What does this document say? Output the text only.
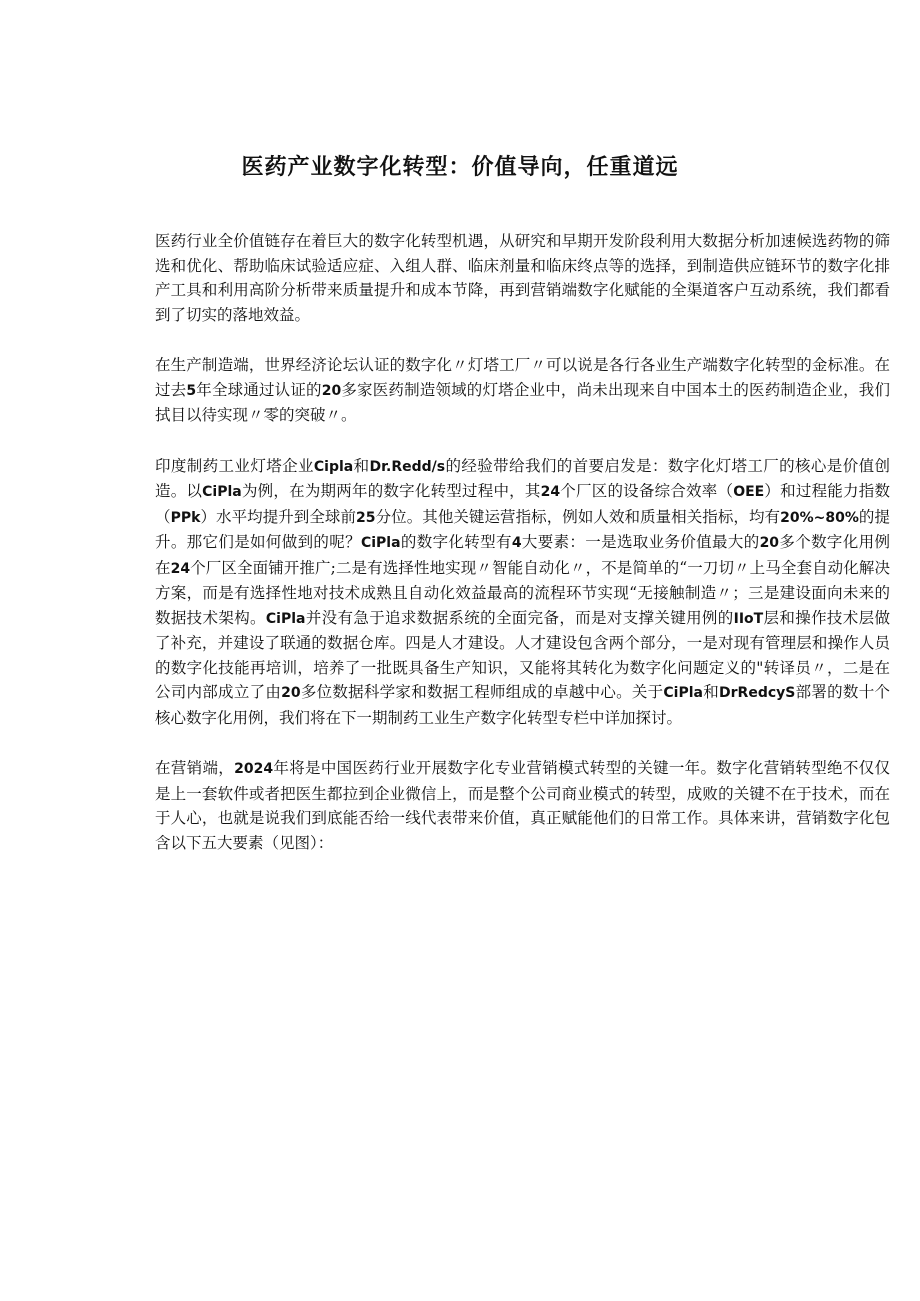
医药产业数字化转型：价值导向，任重道远

医药行业全价值链存在着巨大的数字化转型机遇，从研究和早期开发阶段利用大数据分析加速候选药物的筛选和优化、帮助临床试验适应症、入组人群、临床剂量和临床终点等的选择，到制造供应链环节的数字化排产工具和利用高阶分析带来质量提升和成本节降，再到营销端数字化赋能的全渠道客户互动系统，我们都看到了切实的落地效益。

在生产制造端，世界经济论坛认证的数字化〃灯塔工厂〃可以说是各行各业生产端数字化转型的金标准。在过去5年全球通过认证的20多家医药制造领域的灯塔企业中，尚未出现来自中国本土的医药制造企业，我们拭目以待实现〃零的突破〃。

印度制药工业灯塔企业Cipla和Dr.Redd/s的经验带给我们的首要启发是：数字化灯塔工厂的核心是价值创造。以CiPla为例，在为期两年的数字化转型过程中，其24个厂区的设备综合效率（OEE）和过程能力指数（PPk）水平均提升到全球前25分位。其他关键运营指标，例如人效和质量相关指标，均有20%~80%的提升。那它们是如何做到的呢？CiPla的数字化转型有4大要素：一是选取业务价值最大的20多个数字化用例在24个厂区全面铺开推广;二是有选择性地实现〃智能自动化〃，不是简单的“一刀切〃上马全套自动化解决方案，而是有选择性地对技术成熟且自动化效益最高的流程环节实现“无接触制造〃；三是建设面向未来的数据技术架构。CiPla并没有急于追求数据系统的全面完备，而是对支撑关键用例的IIoT层和操作技术层做了补充，并建设了联通的数据仓库。四是人才建设。人才建设包含两个部分，一是对现有管理层和操作人员的数字化技能再培训，培养了一批既具备生产知识，又能将其转化为数字化问题定义的"转译员〃，二是在公司内部成立了由20多位数据科学家和数据工程师组成的卓越中心。关于CiPla和DrRedcyS部署的数十个核心数字化用例，我们将在下一期制药工业生产数字化转型专栏中详加探讨。

在营销端，2024年将是中国医药行业开展数字化专业营销模式转型的关键一年。数字化营销转型绝不仅仅是上一套软件或者把医生都拉到企业微信上，而是整个公司商业模式的转型，成败的关键不在于技术，而在于人心，也就是说我们到底能否给一线代表带来价值，真正赋能他们的日常工作。具体来讲，营销数字化包含以下五大要素（见图）：
